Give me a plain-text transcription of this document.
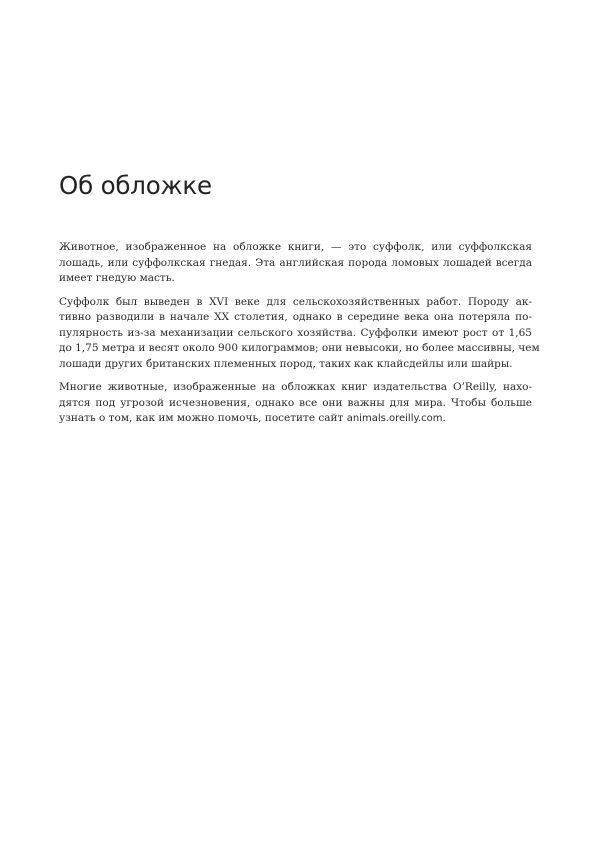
Об обложке

Животное, изображенное на обложке книги, — это суффолк, или суффолкская
лошадь, или суффолкская гнедая. Эта английская порода ломовых лошадей всегда
имеет гнедую масть.

Суффолк был выведен в XVI веке для сельскохозяйственных работ. Породу ак-
тивно разводили в начале XX столетия, однако в середине века она потеряла по-
пулярность из-за механизации сельского хозяйства. Суффолки имеют рост от 1,65
до 1,75 метра и весят около 900 килограммов; они невысоки, но более массивны, чем
лошади других британских племенных пород, таких как клайсдейлы или шайры.

Многие животные, изображенные на обложках книг издательства O’Reilly, нахо-
дятся под угрозой исчезновения, однако все они важны для мира. Чтобы больше
узнать о том, как им можно помочь, посетите сайт animals.oreilly.com.
